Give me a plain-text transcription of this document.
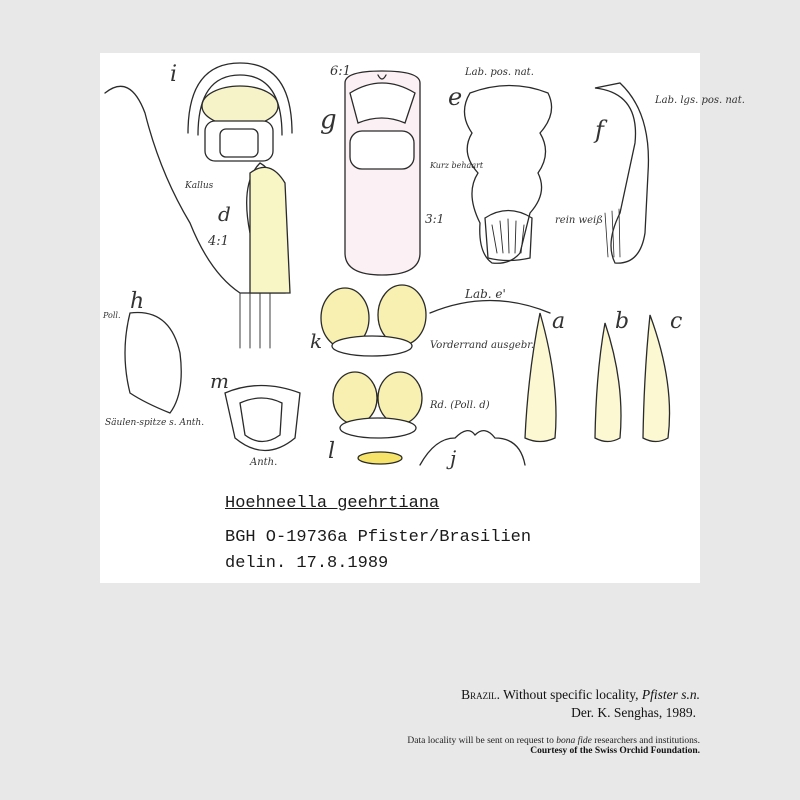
i
g
6:1
e
Lab. pos. nat.
Kurz behaart
3:1	rein weiß
f
Lab. lgs. pos. nat.
d
4:1
Kallus
h
Poll.
Säulen-spitze s. Anth.
k
m
Anth. l	j
Lab. e'
Vorderrand ausgebr.
Rd. (Poll. d)
a b c
Hoehneella geehrtiana
BGH O-19736a Pfister/Brasilien
delin. 17.8.1989
Brazil. Without specific locality, Pfister s.n.
Der. K. Senghas, 1989.
Data locality will be sent on request to bona fide researchers and institutions.
Courtesy of the Swiss Orchid Foundation.
